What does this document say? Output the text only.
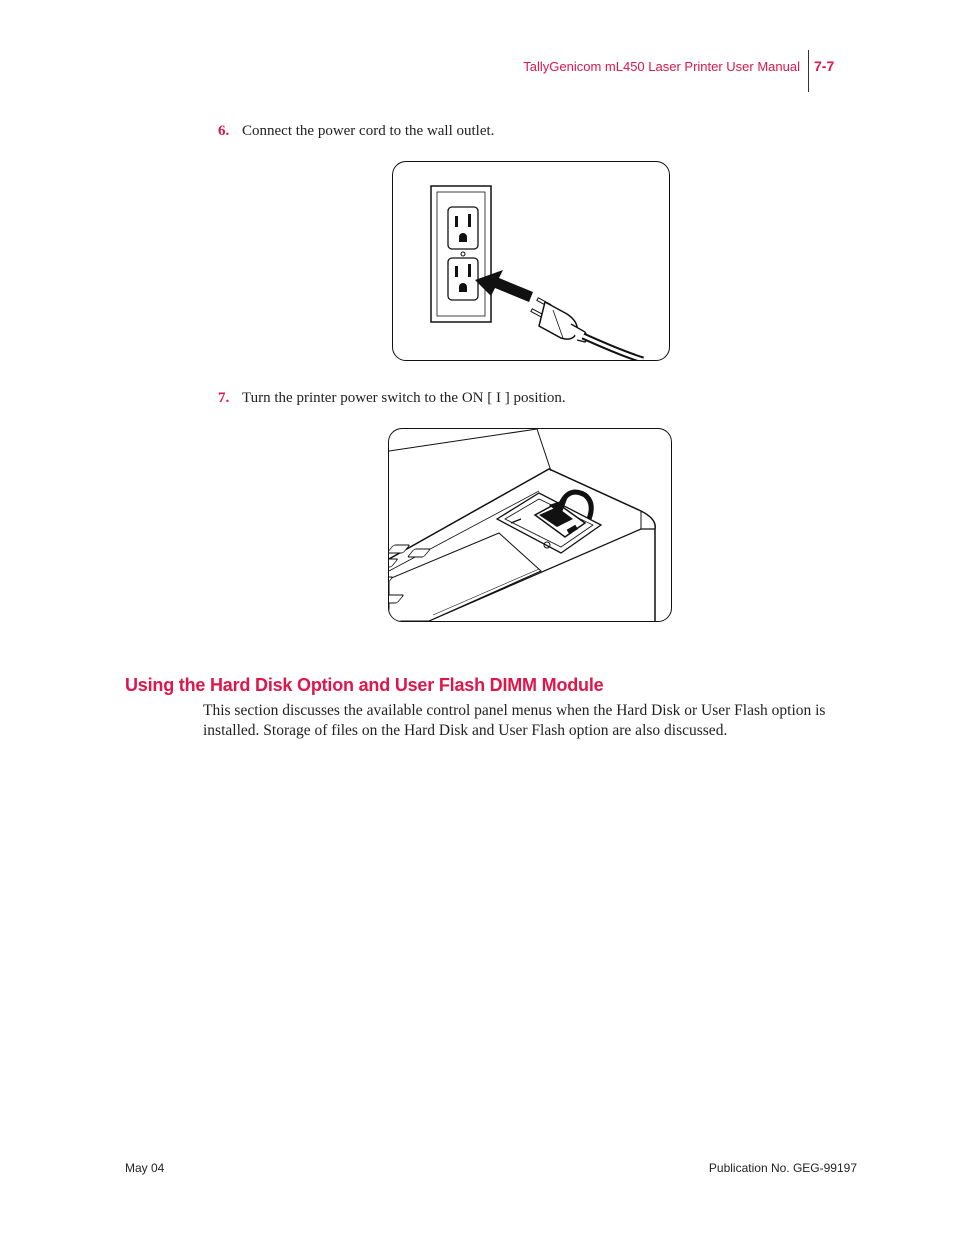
TallyGenicom mL450 Laser Printer User Manual 7-7
6. Connect the power cord to the wall outlet.
7. Turn the printer power switch to the ON [ I ] position.
Using the Hard Disk Option and User Flash DIMM Module
This section discusses the available control panel menus when the Hard Disk or User Flash option is installed. Storage of files on the Hard Disk and User Flash option are also discussed.
May 04	Publication No. GEG-99197
